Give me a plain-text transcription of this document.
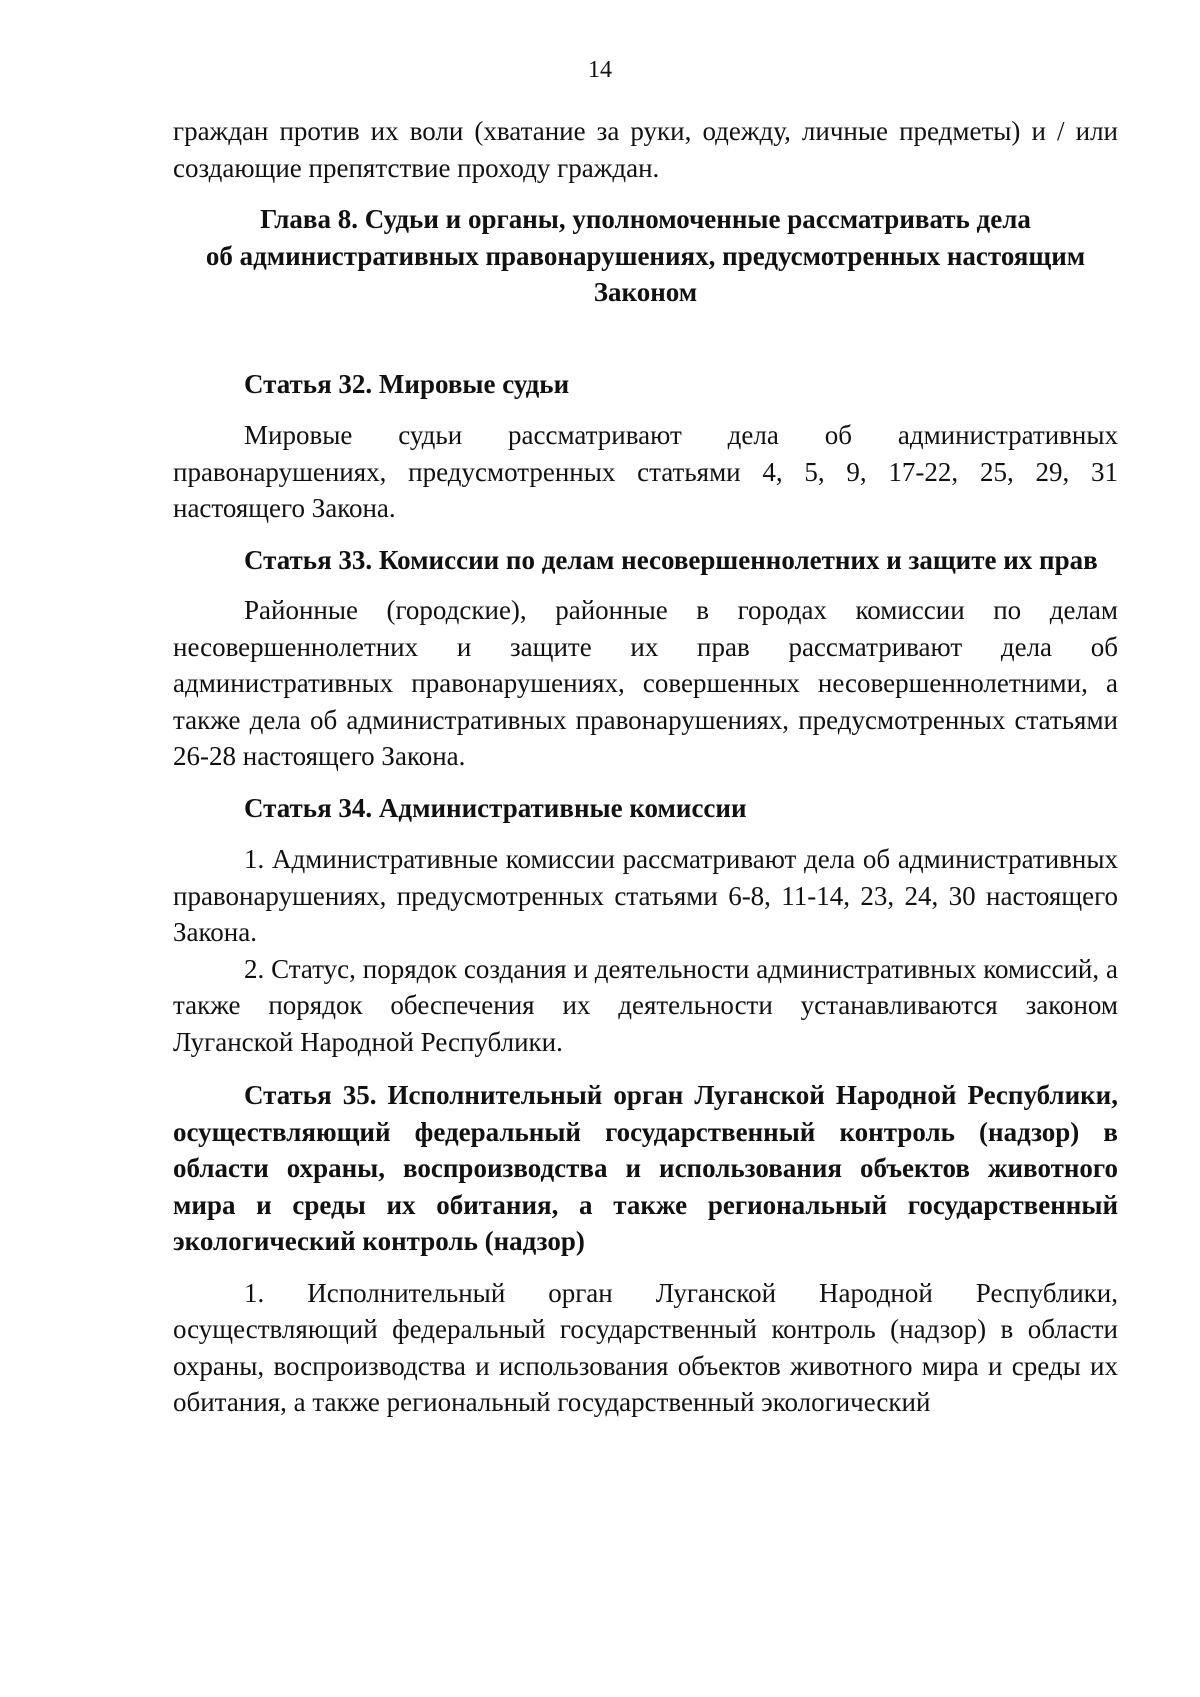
14

граждан против их воли (хватание за руки, одежду, личные предметы) и / или создающие препятствие проходу граждан.

Глава 8. Судьи и органы, уполномоченные рассматривать дела
об административных правонарушениях, предусмотренных настоящим
Законом
Статья 32. Мировые судьи

Мировые судьи рассматривают дела об административных правонарушениях, предусмотренных статьями 4, 5, 9, 17-22, 25, 29, 31 настоящего Закона.

Статья 33. Комиссии по делам несовершеннолетних и защите их прав

Районные (городские), районные в городах комиссии по делам несовершеннолетних и защите их прав рассматривают дела об административных правонарушениях, совершенных несовершеннолетними, а также дела об административных правонарушениях, предусмотренных статьями 26-28 настоящего Закона.

Статья 34. Административные комиссии

1. Административные комиссии рассматривают дела об административных правонарушениях, предусмотренных статьями 6-8, 11-14, 23, 24, 30 настоящего Закона.

2. Статус, порядок создания и деятельности административных комиссий, а также порядок обеспечения их деятельности устанавливаются законом Луганской Народной Республики.

Статья 35. Исполнительный орган Луганской Народной Республики, осуществляющий федеральный государственный контроль (надзор) в области охраны, воспроизводства и использования объектов животного мира и среды их обитания, а также региональный государственный экологический контроль (надзор)

1. Исполнительный орган Луганской Народной Республики, осуществляющий федеральный государственный контроль (надзор) в области охраны, воспроизводства и использования объектов животного мира и среды их обитания, а также региональный государственный экологический
